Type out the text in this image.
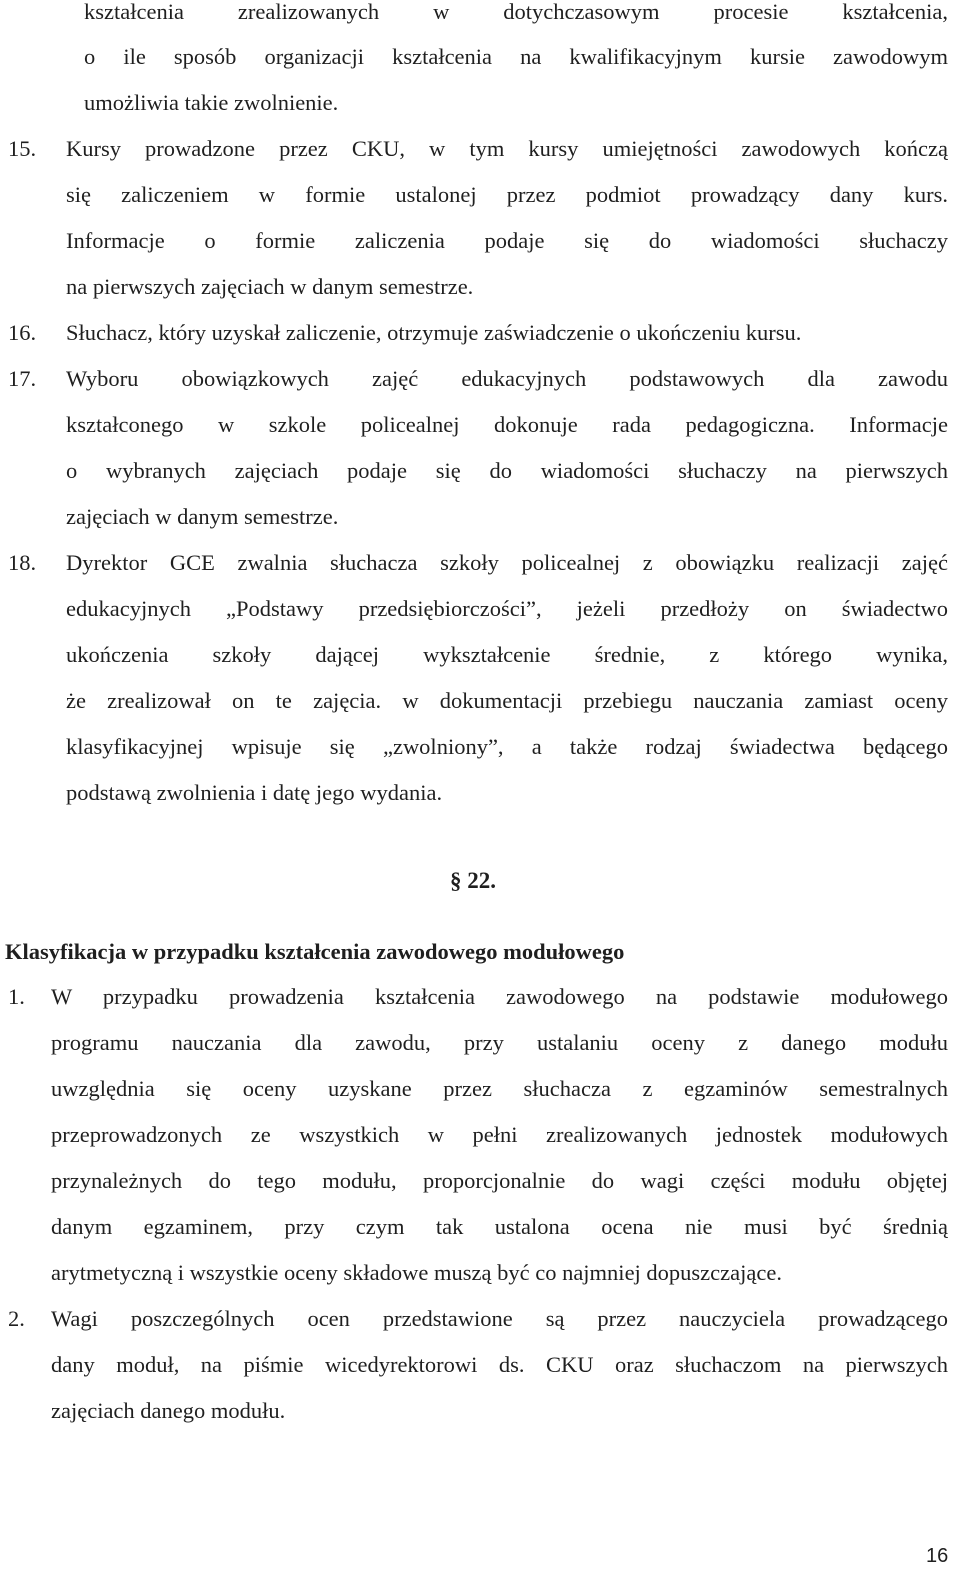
kształcenia zrealizowanych w dotychczasowym procesie kształcenia,
o ile sposób organizacji kształcenia na kwalifikacyjnym kursie zawodowym
umożliwia takie zwolnienie.
15. Kursy prowadzone przez CKU, w tym kursy umiejętności zawodowych kończą
się zaliczeniem w formie ustalonej przez podmiot prowadzący dany kurs.
Informacje o formie zaliczenia podaje się do wiadomości słuchaczy
na pierwszych zajęciach w danym semestrze.
16. Słuchacz, który uzyskał zaliczenie, otrzymuje zaświadczenie o ukończeniu kursu.
17. Wyboru obowiązkowych zajęć edukacyjnych podstawowych dla zawodu
kształconego w szkole policealnej dokonuje rada pedagogiczna. Informacje
o wybranych zajęciach podaje się do wiadomości słuchaczy na pierwszych
zajęciach w danym semestrze.
18. Dyrektor GCE zwalnia słuchacza szkoły policealnej z obowiązku realizacji zajęć
edukacyjnych „Podstawy przedsiębiorczości”, jeżeli przedłoży on świadectwo
ukończenia szkoły dającej wykształcenie średnie, z którego wynika,
że zrealizował on te zajęcia. w dokumentacji przebiegu nauczania zamiast oceny
klasyfikacyjnej wpisuje się „zwolniony”, a także rodzaj świadectwa będącego
podstawą zwolnienia i datę jego wydania.
§ 22.
Klasyfikacja w przypadku kształcenia zawodowego modułowego
1. W przypadku prowadzenia kształcenia zawodowego na podstawie modułowego
programu nauczania dla zawodu, przy ustalaniu oceny z danego modułu
uwzględnia się oceny uzyskane przez słuchacza z egzaminów semestralnych
przeprowadzonych ze wszystkich w pełni zrealizowanych jednostek modułowych
przynależnych do tego modułu, proporcjonalnie do wagi części modułu objętej
danym egzaminem, przy czym tak ustalona ocena nie musi być średnią
arytmetyczną i wszystkie oceny składowe muszą być co najmniej dopuszczające.
2. Wagi poszczególnych ocen przedstawione są przez nauczyciela prowadzącego
dany moduł, na piśmie wicedyrektorowi ds. CKU oraz słuchaczom na pierwszych
zajęciach danego modułu.
16
